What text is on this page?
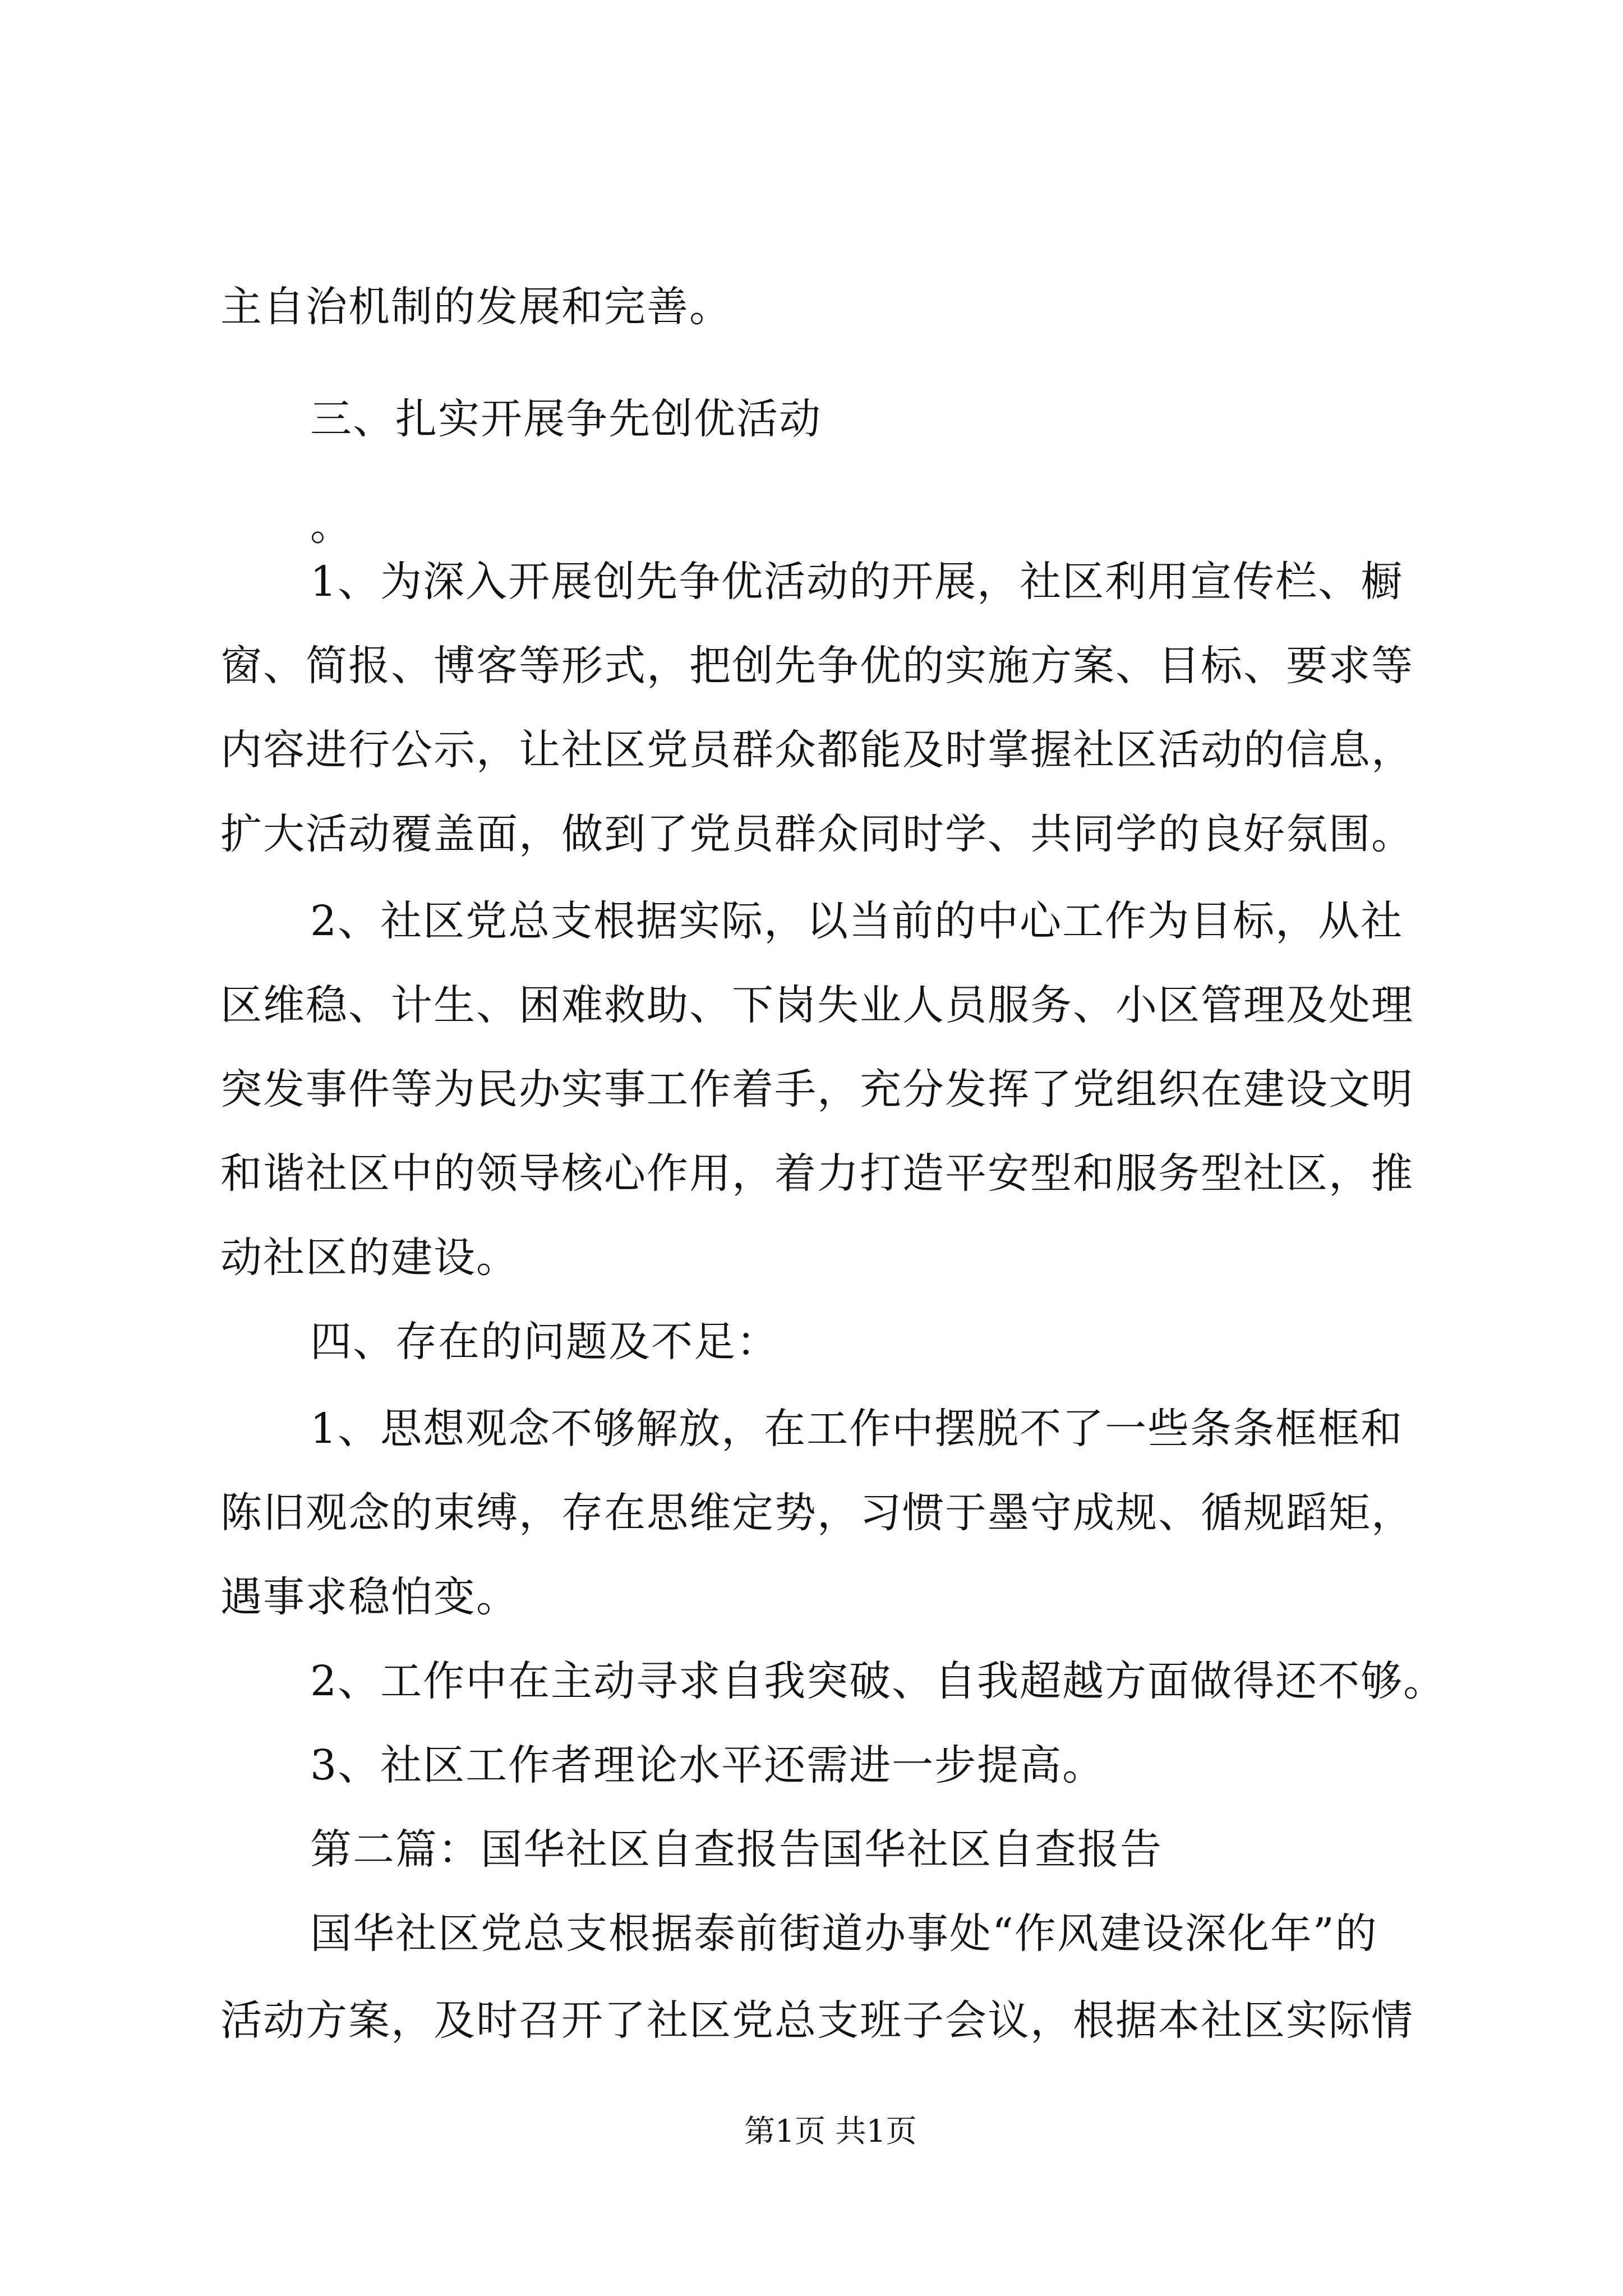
主自治机制的发展和完善。
三、扎实开展争先创优活动
。
1、为深入开展创先争优活动的开展，社区利用宣传栏、橱
窗、简报、博客等形式，把创先争优的实施方案、目标、要求等
内容进行公示，让社区党员群众都能及时掌握社区活动的信息，
扩大活动覆盖面，做到了党员群众同时学、共同学的良好氛围。
2、社区党总支根据实际，以当前的中心工作为目标，从社
区维稳、计生、困难救助、下岗失业人员服务、小区管理及处理
突发事件等为民办实事工作着手，充分发挥了党组织在建设文明
和谐社区中的领导核心作用，着力打造平安型和服务型社区，推
动社区的建设。
四、存在的问题及不足：
1、思想观念不够解放，在工作中摆脱不了一些条条框框和
陈旧观念的束缚，存在思维定势，习惯于墨守成规、循规蹈矩，
遇事求稳怕变。
2、工作中在主动寻求自我突破、自我超越方面做得还不够。
3、社区工作者理论水平还需进一步提高。
第二篇：国华社区自查报告国华社区自查报告
国华社区党总支根据泰前街道办事处“作风建设深化年”的
活动方案，及时召开了社区党总支班子会议，根据本社区实际情
第1页 共1页
